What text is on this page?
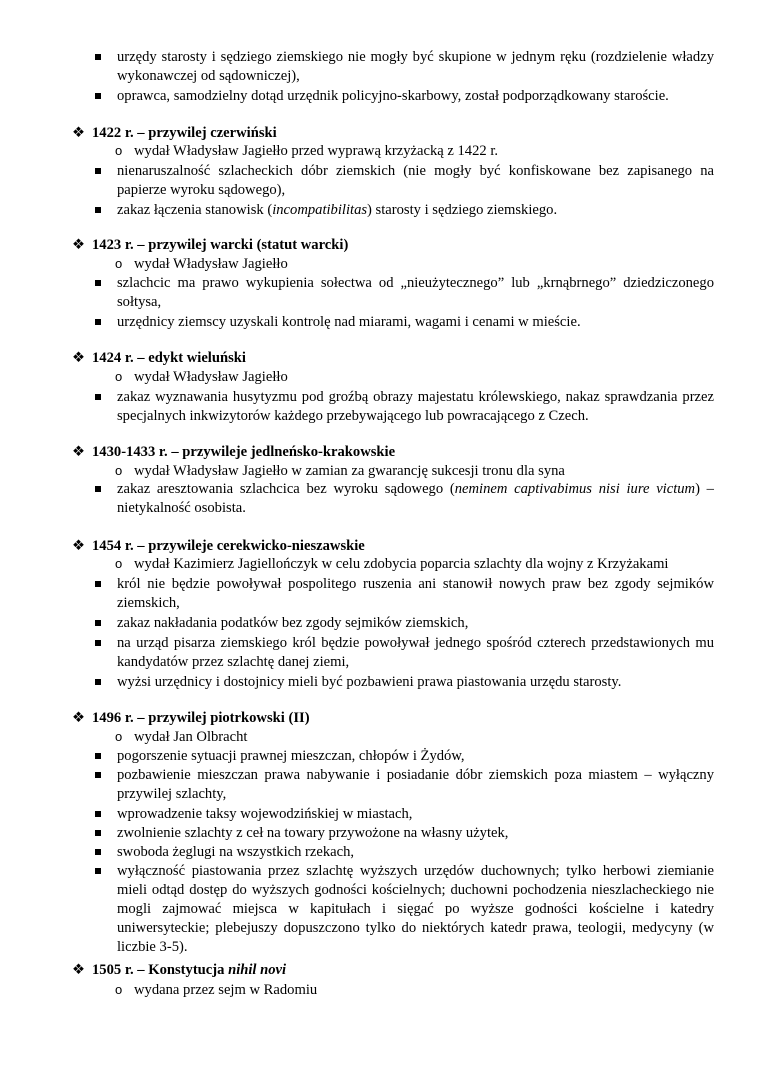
urzędy starosty i sędziego ziemskiego nie mogły być skupione w jednym ręku (rozdzielenie władzy wykonawczej od sądowniczej),
oprawca, samodzielny dotąd urzędnik policyjno-skarbowy, został podporządkowany staroście.
❖ 1422 r. – przywilej czerwiński
o wydał Władysław Jagiełło przed wyprawą krzyżacką z 1422 r.
nienaruszalność szlacheckich dóbr ziemskich (nie mogły być konfiskowane bez zapisanego na papierze wyroku sądowego),
zakaz łączenia stanowisk (incompatibilitas) starosty i sędziego ziemskiego.
❖ 1423 r. – przywilej warcki (statut warcki)
o wydał Władysław Jagiełło
szlachcic ma prawo wykupienia sołectwa od „nieużytecznego” lub „krnąbrnego” dziedziczonego sołtysa,
urzędnicy ziemscy uzyskali kontrolę nad miarami, wagami i cenami w mieście.
❖ 1424 r. – edykt wieluński
o wydał Władysław Jagiełło
zakaz wyznawania husytyzmu pod groźbą obrazy majestatu królewskiego, nakaz sprawdzania przez specjalnych inkwizytorów każdego przebywającego lub powracającego z Czech.
❖ 1430-1433 r. – przywileje jedlneńsko-krakowskie
o wydał Władysław Jagiełło w zamian za gwarancję sukcesji tronu dla syna
zakaz aresztowania szlachcica bez wyroku sądowego (neminem captivabimus nisi iure victum) – nietykalność osobista.
❖ 1454 r. – przywileje cerekwicko-nieszawskie
o wydał Kazimierz Jagiellończyk w celu zdobycia poparcia szlachty dla wojny z Krzyżakami
król nie będzie powoływał pospolitego ruszenia ani stanowił nowych praw bez zgody sejmików ziemskich,
zakaz nakładania podatków bez zgody sejmików ziemskich,
na urząd pisarza ziemskiego król będzie powoływał jednego spośród czterech przedstawionych mu kandydatów przez szlachtę danej ziemi,
wyżsi urzędnicy i dostojnicy mieli być pozbawieni prawa piastowania urzędu starosty.
❖ 1496 r. – przywilej piotrkowski (II)
o wydał Jan Olbracht
pogorszenie sytuacji prawnej mieszczan, chłopów i Żydów,
pozbawienie mieszczan prawa nabywanie i posiadanie dóbr ziemskich poza miastem – wyłączny przywilej szlachty,
wprowadzenie taksy wojewodzińskiej w miastach,
zwolnienie szlachty z ceł na towary przywożone na własny użytek,
swoboda żeglugi na wszystkich rzekach,
wyłączność piastowania przez szlachtę wyższych urzędów duchownych; tylko herbowi ziemianie mieli odtąd dostęp do wyższych godności kościelnych; duchowni pochodzenia nieszlacheckiego nie mogli zajmować miejsca w kapitułach i sięgać po wyższe godności kościelne i katedry uniwersyteckie; plebejuszy dopuszczono tylko do niektórych katedr prawa, teologii, medycyny (w liczbie 3-5).
❖ 1505 r. – Konstytucja nihil novi
o wydana przez sejm w Radomiu
